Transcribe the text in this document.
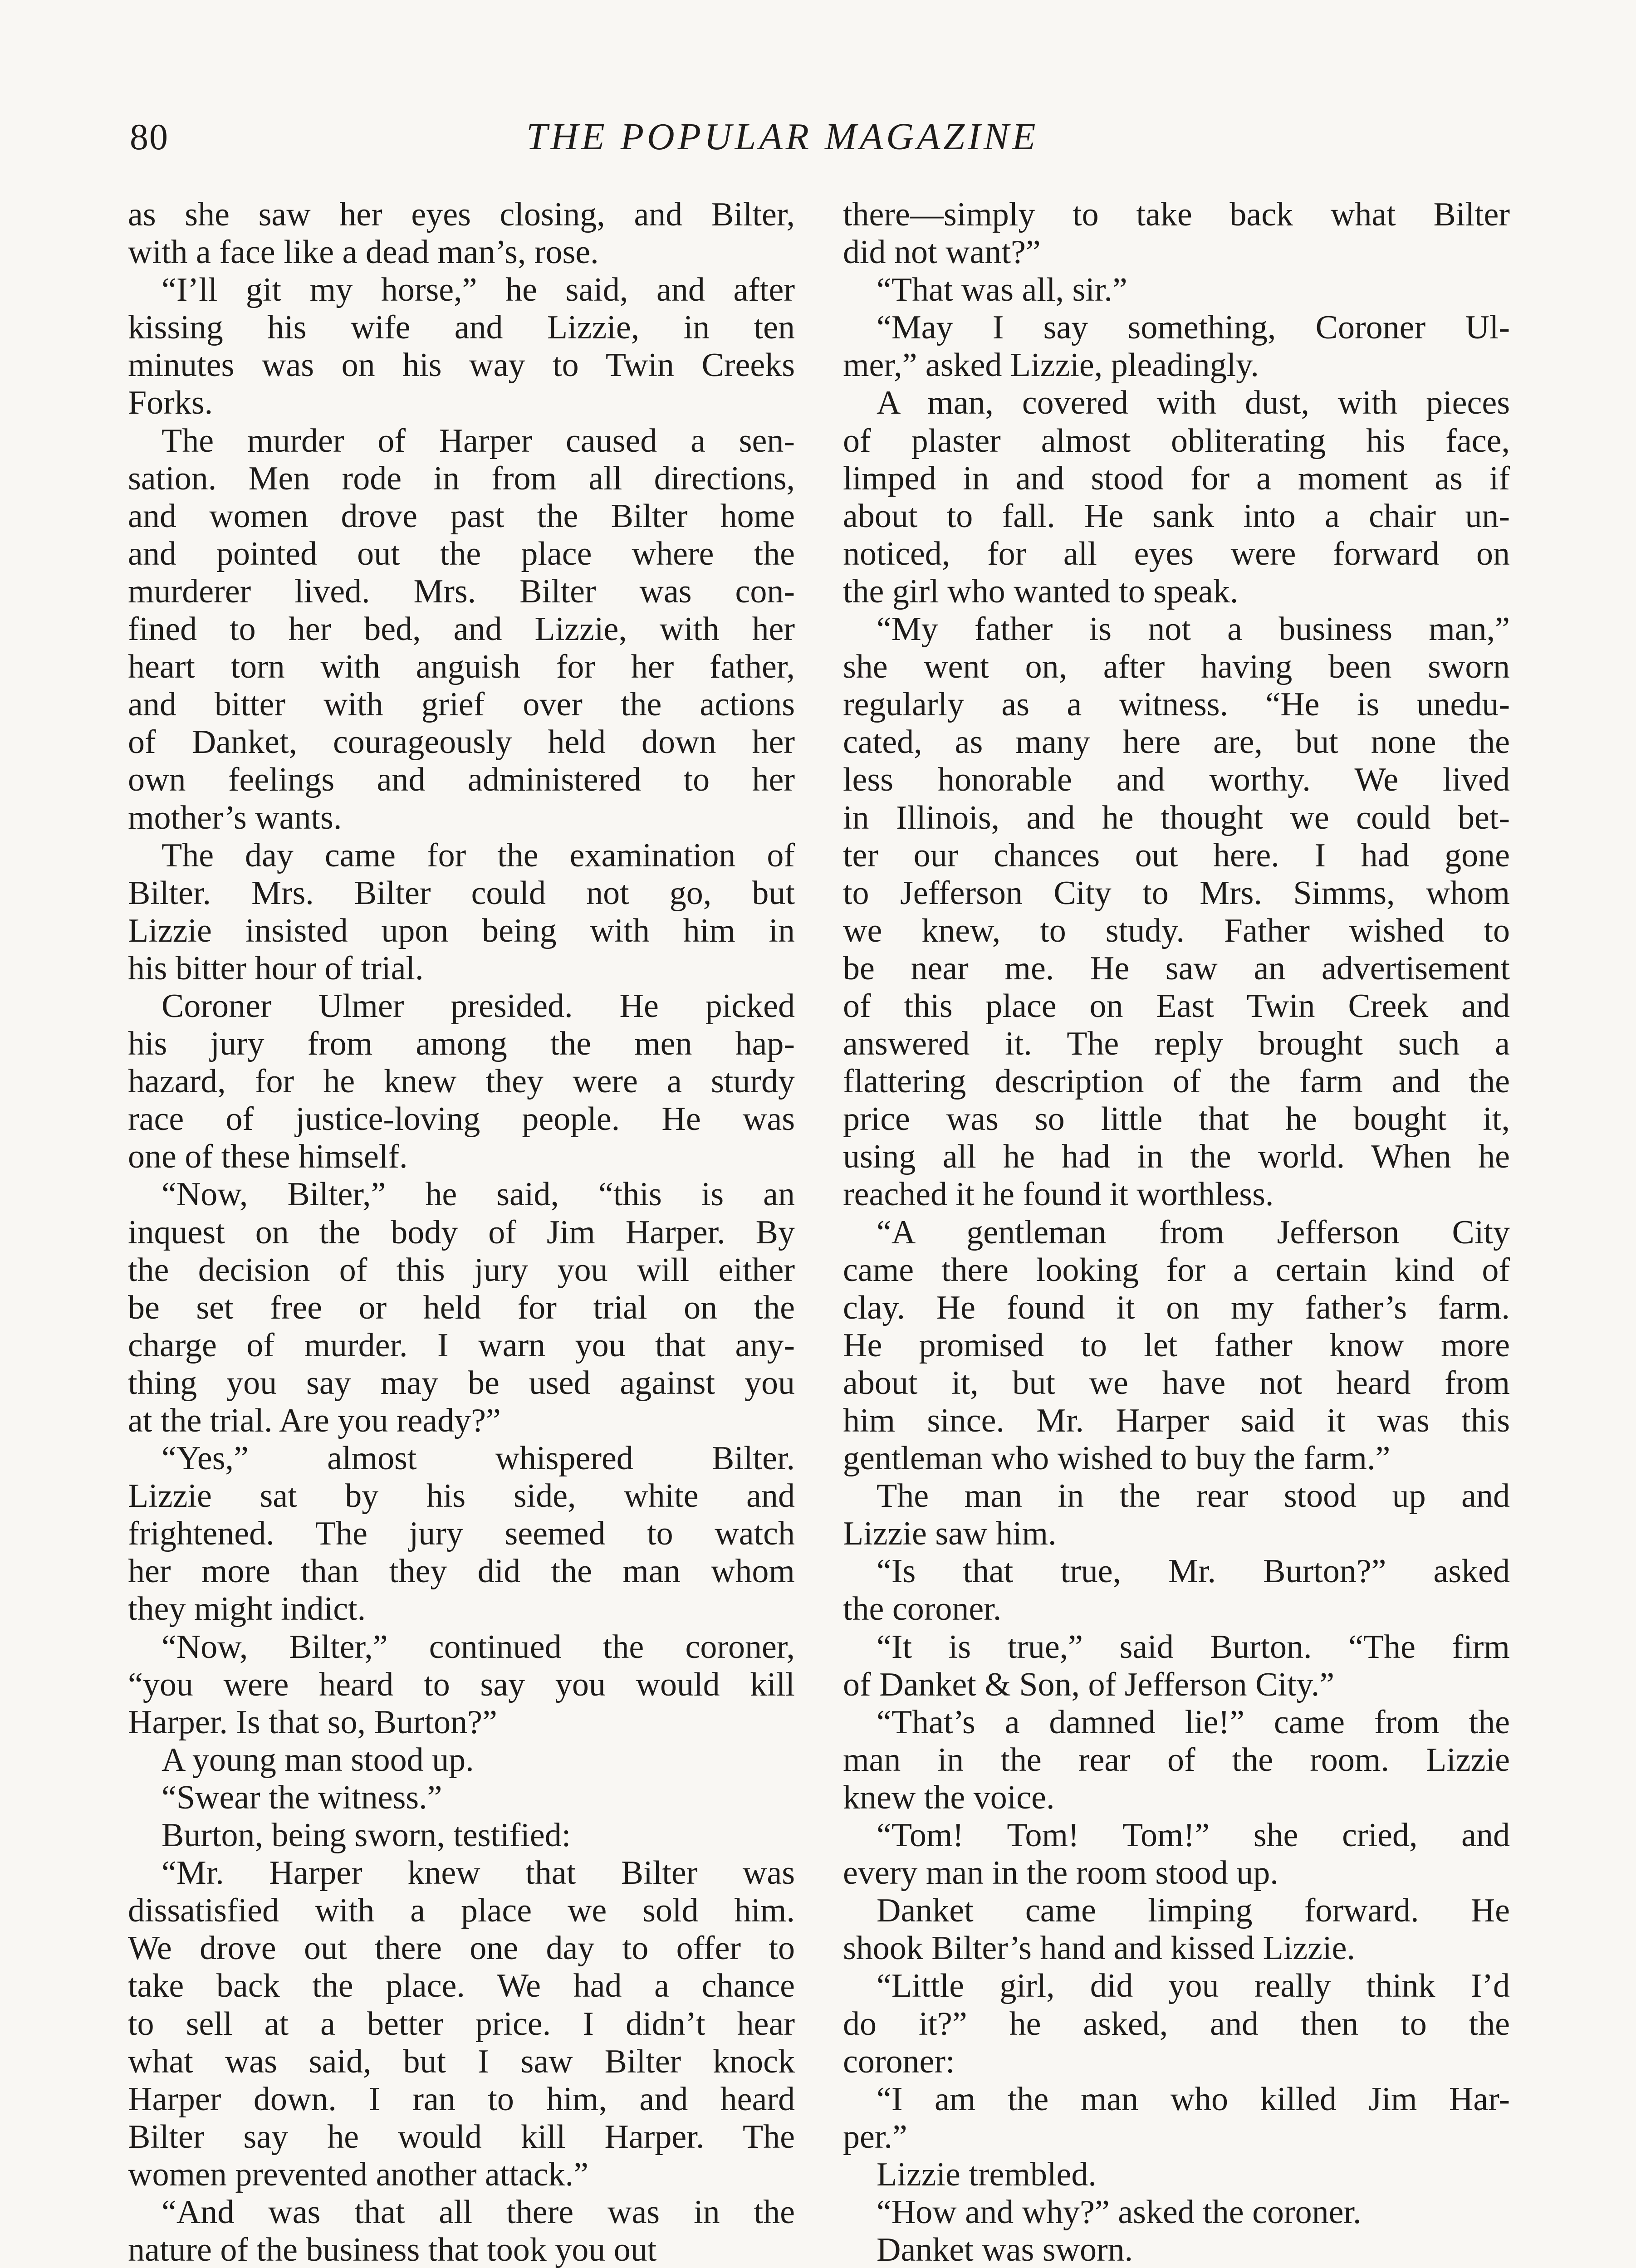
80	THE POPULAR MAGAZINE
as she saw her eyes closing, and Bilter,
with a face like a dead man’s, rose.
“I’ll git my horse,” he said, and after
kissing his wife and Lizzie, in ten
minutes was on his way to Twin Creeks
Forks.
The murder of Harper caused a sen-
sation. Men rode in from all directions,
and women drove past the Bilter home
and pointed out the place where the
murderer lived. Mrs. Bilter was con-
fined to her bed, and Lizzie, with her
heart torn with anguish for her father,
and bitter with grief over the actions
of Danket, courageously held down her
own feelings and administered to her
mother’s wants.
The day came for the examination of
Bilter. Mrs. Bilter could not go, but
Lizzie insisted upon being with him in
his bitter hour of trial.
Coroner Ulmer presided. He picked
his jury from among the men hap-
hazard, for he knew they were a sturdy
race of justice-loving people. He was
one of these himself.
“Now, Bilter,” he said, “this is an
inquest on the body of Jim Harper. By
the decision of this jury you will either
be set free or held for trial on the
charge of murder. I warn you that any-
thing you say may be used against you
at the trial. Are you ready?”
“Yes,” almost whispered Bilter.
Lizzie sat by his side, white and
frightened. The jury seemed to watch
her more than they did the man whom
they might indict.
“Now, Bilter,” continued the coroner,
“you were heard to say you would kill
Harper. Is that so, Burton?”
A young man stood up.
“Swear the witness.”
Burton, being sworn, testified:
“Mr. Harper knew that Bilter was
dissatisfied with a place we sold him.
We drove out there one day to offer to
take back the place. We had a chance
to sell at a better price. I didn’t hear
what was said, but I saw Bilter knock
Harper down. I ran to him, and heard
Bilter say he would kill Harper. The
women prevented another attack.”
“And was that all there was in the
nature of the business that took you out
there—simply to take back what Bilter
did not want?”
“That was all, sir.”
“May I say something, Coroner Ul-
mer,” asked Lizzie, pleadingly.
A man, covered with dust, with pieces
of plaster almost obliterating his face,
limped in and stood for a moment as if
about to fall. He sank into a chair un-
noticed, for all eyes were forward on
the girl who wanted to speak.
“My father is not a business man,”
she went on, after having been sworn
regularly as a witness. “He is unedu-
cated, as many here are, but none the
less honorable and worthy. We lived
in Illinois, and he thought we could bet-
ter our chances out here. I had gone
to Jefferson City to Mrs. Simms, whom
we knew, to study. Father wished to
be near me. He saw an advertisement
of this place on East Twin Creek and
answered it. The reply brought such a
flattering description of the farm and the
price was so little that he bought it,
using all he had in the world. When he
reached it he found it worthless.
“A gentleman from Jefferson City
came there looking for a certain kind of
clay. He found it on my father’s farm.
He promised to let father know more
about it, but we have not heard from
him since. Mr. Harper said it was this
gentleman who wished to buy the farm.”
The man in the rear stood up and
Lizzie saw him.
“Is that true, Mr. Burton?” asked
the coroner.
“It is true,” said Burton. “The firm
of Danket & Son, of Jefferson City.”
“That’s a damned lie!” came from the
man in the rear of the room. Lizzie
knew the voice.
“Tom! Tom! Tom!” she cried, and
every man in the room stood up.
Danket came limping forward. He
shook Bilter’s hand and kissed Lizzie.
“Little girl, did you really think I’d
do it?” he asked, and then to the
coroner:
“I am the man who killed Jim Har-
per.”
Lizzie trembled.
“How and why?” asked the coroner.
Danket was sworn.
